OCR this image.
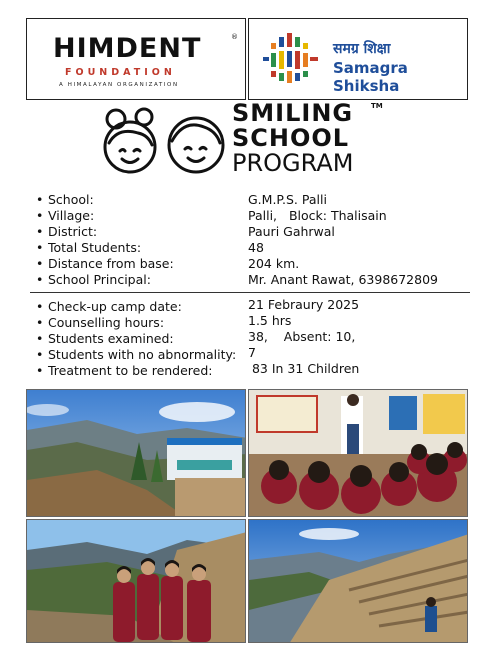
HIMDENT	®
FOUNDATION
A HIMALAYAN ORGANIZATION
समग्र शिक्षा
Samagra Shiksha
SMILING	TM
SCHOOL
PROGRAM
• School:	G.M.P.S. Palli
• Village:	Palli,   Block: Thalisain
• District:	Pauri Gahrwal
• Total Students:	48
• Distance from base:	204 km.
• School Principal:	Mr. Anant Rawat, 6398672809
• Check-up camp date:	21 Febraury 2025
• Counselling hours:	1.5 hrs
• Students examined:	38,    Absent: 10,
• Students with no abnormality: 7
• Treatment to be rendered:	83 In 31 Children
